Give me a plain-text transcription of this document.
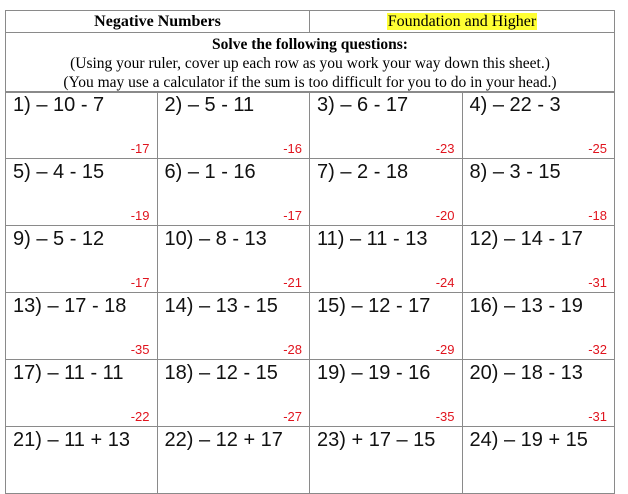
Negative Numbers	Foundation and Higher
Solve the following questions:
(Using your ruler, cover up each row as you work your way down this sheet.)
(You may use a calculator if the sum is too difficult for you to do in your head.)
1) – 10 - 7
-17
2) – 5 - 11
-16
3) – 6 - 17
-23
4) – 22 - 3
-25
5) – 4 - 15
-19
6) – 1 - 16
-17
7) – 2 - 18
-20
8) – 3 - 15
-18
9) – 5 - 12
-17
10) – 8 - 13
-21
11) – 11 - 13
-24
12) – 14 - 17
-31
13) – 17 - 18
-35
14) – 13 - 15
-28
15) – 12 - 17
-29
16) – 13 - 19
-32
17) – 11 - 11
-22
18) – 12 - 15
-27
19) – 19 - 16
-35
20) – 18 - 13
-31
21) – 11 + 13 22) – 12 + 17 23) + 17 – 15 24) – 19 + 15
